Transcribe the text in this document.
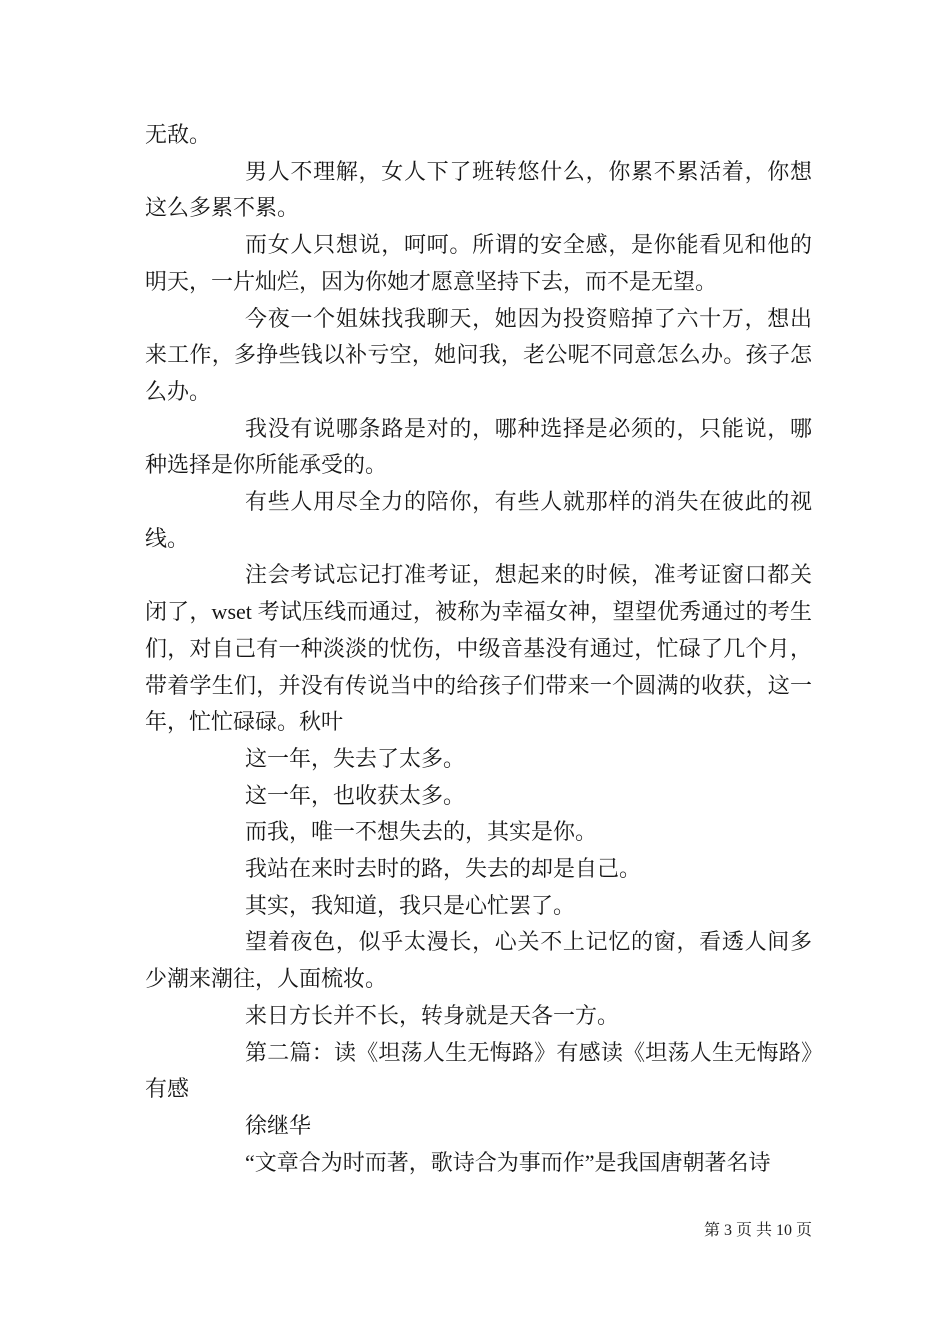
无敌。

男人不理解，女人下了班转悠什么，你累不累活着，你想这么多累不累。

而女人只想说，呵呵。所谓的安全感，是你能看见和他的明天，一片灿烂，因为你她才愿意坚持下去，而不是无望。

今夜一个姐妹找我聊天，她因为投资赔掉了六十万，想出来工作，多挣些钱以补亏空，她问我，老公呢不同意怎么办。孩子怎么办。

我没有说哪条路是对的，哪种选择是必须的，只能说，哪种选择是你所能承受的。

有些人用尽全力的陪你，有些人就那样的消失在彼此的视线。

注会考试忘记打准考证，想起来的时候，准考证窗口都关闭了，wset 考试压线而通过，被称为幸福女神，望望优秀通过的考生们，对自己有一种淡淡的忧伤，中级音基没有通过，忙碌了几个月，带着学生们，并没有传说当中的给孩子们带来一个圆满的收获，这一年，忙忙碌碌。秋叶

这一年，失去了太多。

这一年，也收获太多。

而我，唯一不想失去的，其实是你。

我站在来时去时的路，失去的却是自己。

其实，我知道，我只是心忙罢了。

望着夜色，似乎太漫长，心关不上记忆的窗，看透人间多少潮来潮往，人面梳妆。

来日方长并不长，转身就是天各一方。

第二篇：读《坦荡人生无悔路》有感读《坦荡人生无悔路》有感

徐继华

“文章合为时而著，歌诗合为事而作”是我国唐朝著名诗

第 3 页 共 10 页
